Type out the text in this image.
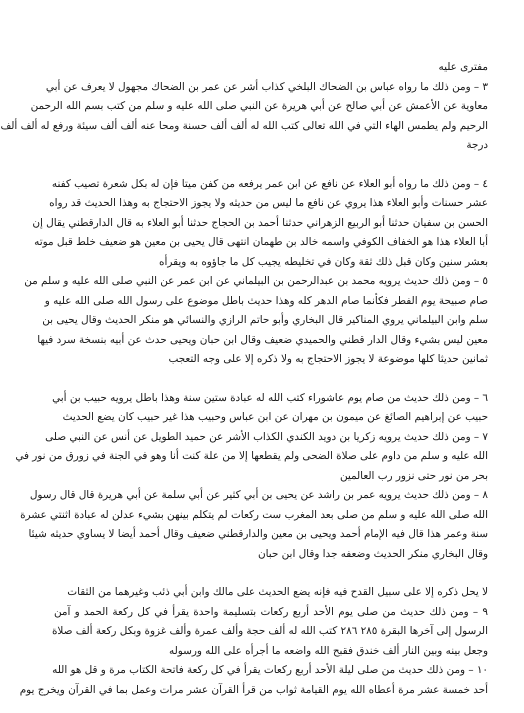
مفترى عليه
٣ – ومن ذلك ما رواه عباس بن الضحاك البلخي كذاب أشر عن عمر بن الضحاك مجهول لا يعرف عن أبي
معاوية عن الأعمش عن أبي صالح عن أبي هريرة عن النبي صلى الله عليه و سلم من كتب بسم الله الرحمن
الرحيم ولم يطمس الهاء التي في الله تعالى كتب الله له ألف ألف حسنة ومحا عنه ألف ألف سيئة ورفع له ألف ألف
درجة
٤ – ومن ذلك ما رواه أبو العلاء عن نافع عن ابن عمر يرفعه من كفن ميتا فإن له بكل شعرة تصيب كفنه
عشر حسنات وأبو العلاء هذا يروي عن نافع ما ليس من حديثه ولا يجوز الاحتجاج به وهذا الحديث قد رواه
الحسن بن سفيان حدثنا أبو الربيع الزهراني حدثنا أحمد بن الحجاج حدثنا أبو العلاء به قال الدارقطني يقال إن
أبا العلاء هذا هو الخفاف الكوفي واسمه خالد بن طهمان انتهى قال يحيى بن معين هو ضعيف خلط قبل موته
بعشر سنين وكان قبل ذلك ثقة وكان في تخليطه يجيب كل ما جاؤوه به ويقرأه
٥ – ومن ذلك حديث يرويه محمد بن عبدالرحمن بن البيلماني عن ابن عمر عن النبي صلى الله عليه و سلم من
صام صبيحة يوم الفطر فكأنما صام الدهر كله وهذا حديث باطل موضوع على رسول الله صلى الله عليه و
سلم وابن البيلماني يروي المناكير قال البخاري وأبو حاتم الرازي والنسائي هو منكر الحديث وقال يحيى بن
معين ليس بشيء وقال الدار قطني والحميدي ضعيف وقال ابن حبان ويحيى حدث عن أبيه بنسخة سرد فيها
ثمانين حديثا كلها موضوعة لا يجوز الاحتجاج به ولا ذكره إلا على وجه التعجب
٦ – ومن ذلك حديث من صام يوم عاشوراء كتب الله له عبادة ستين سنة وهذا باطل يرويه حبيب بن أبي
حبيب عن إبراهيم الصائغ عن ميمون بن مهران عن ابن عباس وحبيب هذا غير حبيب كان يضع الحديث
٧ – ومن ذلك حديث يرويه زكريا بن دويد الكندي الكذاب الأشر عن حميد الطويل عن أنس عن النبي صلى
الله عليه و سلم من داوم على صلاة الضحى ولم يقطعها إلا من علة كنت أنا وهو في الجنة في زورق من نور في
بحر من نور حتى نزور رب العالمين
٨ – ومن ذلك حديث يرويه عمر بن راشد عن يحيى بن أبي كثير عن أبي سلمة عن أبي هريرة قال قال رسول
الله صلى الله عليه و سلم من صلى بعد المغرب ست ركعات لم يتكلم بينهن بشيء عدلن له عبادة اثنتي عشرة
سنة وعمر هذا قال فيه الإمام أحمد ويحيى بن معين والدارقطني ضعيف وقال أحمد أيضا لا يساوي حديثه شيئا
وقال البخاري منكر الحديث وضعفه جدا وقال ابن حبان
لا يحل ذكره إلا على سبيل القدح فيه فإنه يضع الحديث على مالك وابن أبي ذئب وغيرهما من الثقات
٩ – ومن ذلك حديث من صلى يوم الأحد أربع ركعات بتسليمة واحدة يقرأ في كل ركعة الحمد و آمن
الرسول إلى آخرها البقرة ٢٨٥ ٢٨٦ كتب الله له ألف حجة وألف عمرة وألف غزوة وبكل ركعة ألف صلاة
وجعل بينه وبين النار ألف خندق فقبح الله واضعه ما أجرأه على الله ورسوله
١٠ – ومن ذلك حديث من صلى ليلة الأحد أربع ركعات يقرأ في كل ركعة فاتحة الكتاب مرة و قل هو الله
أحد خمسة عشر مرة أعطاه الله يوم القيامة ثواب من قرأ القرآن عشر مرات وعمل بما في القرآن ويخرج يوم
